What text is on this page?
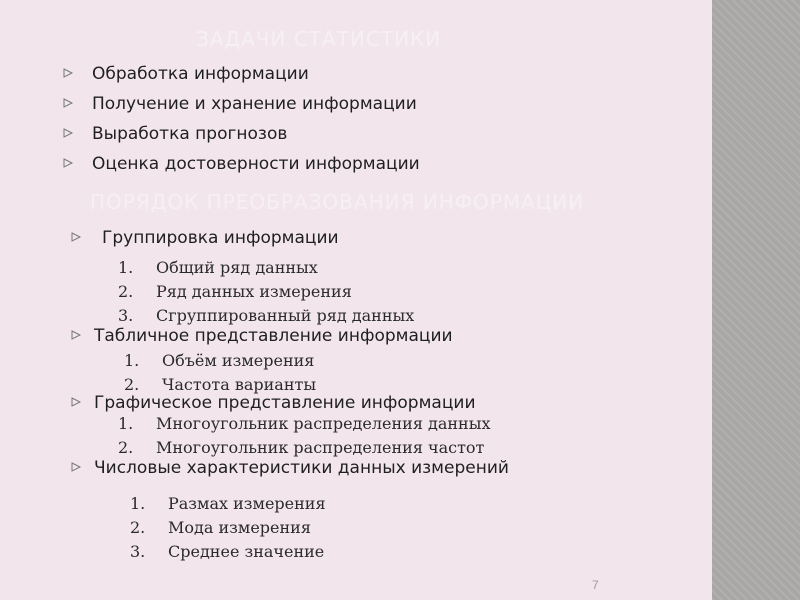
ЗАДАЧИ СТАТИСТИКИ
Обработка информации
Получение и хранение информации
Выработка прогнозов
Оценка достоверности информации
ПОРЯДОК ПРЕОБРАЗОВАНИЯ ИНФОРМАЦИИ
Группировка информации
1. Общий ряд данных
2. Ряд данных измерения
3. Сгруппированный ряд данных
Табличное представление информации
1. Объём измерения
2. Частота варианты
Графическое представление информации
1. Многоугольник распределения данных
2. Многоугольник распределения частот
Числовые характеристики данных измерений
1. Размах измерения
2. Мода измерения
3. Среднее значение
7
